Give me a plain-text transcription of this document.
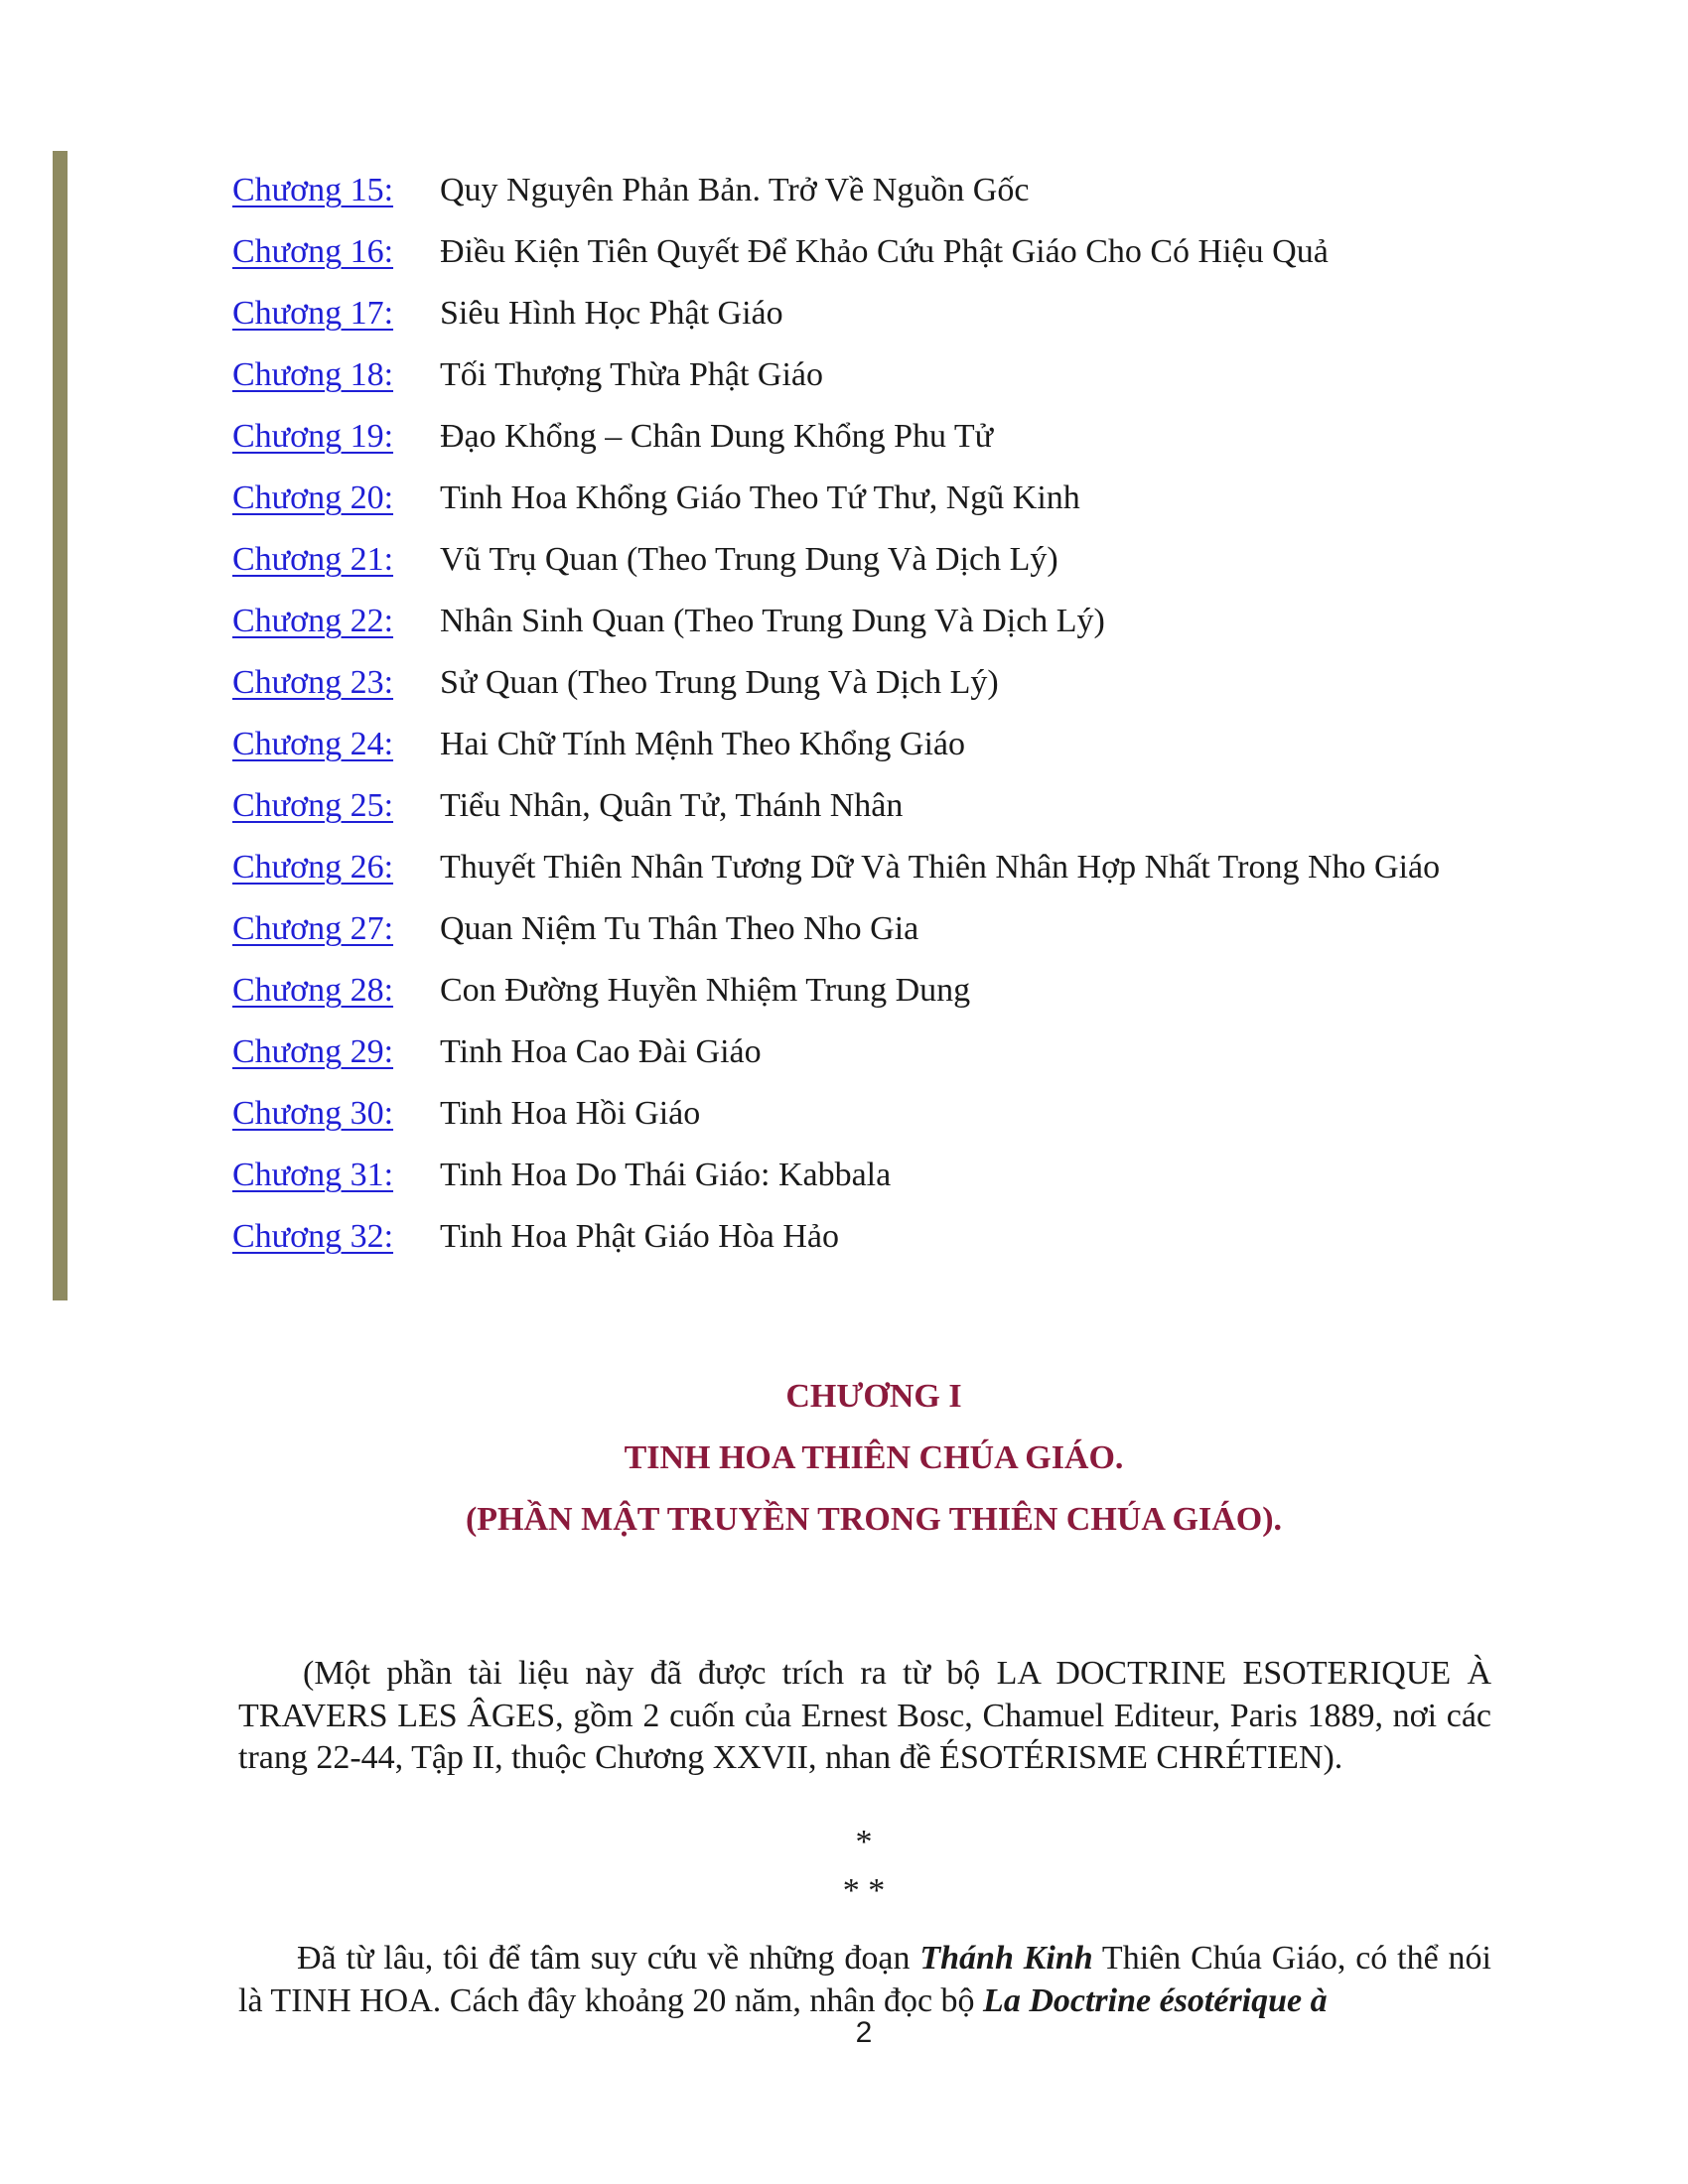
Chương 15: Quy Nguyên Phản Bản. Trở Về Nguồn Gốc
Chương 16: Điều Kiện Tiên Quyết Để Khảo Cứu Phật Giáo Cho Có Hiệu Quả
Chương 17: Siêu Hình Học Phật Giáo
Chương 18: Tối Thượng Thừa Phật Giáo
Chương 19: Đạo Khổng – Chân Dung Khổng Phu Tử
Chương 20: Tinh Hoa Khổng Giáo Theo Tứ Thư, Ngũ Kinh
Chương 21: Vũ Trụ Quan (Theo Trung Dung Và Dịch Lý)
Chương 22: Nhân Sinh Quan (Theo Trung Dung Và Dịch Lý)
Chương 23: Sử Quan (Theo Trung Dung Và Dịch Lý)
Chương 24: Hai Chữ Tính Mệnh Theo Khổng Giáo
Chương 25: Tiểu Nhân, Quân Tử, Thánh Nhân
Chương 26: Thuyết Thiên Nhân Tương Dữ Và Thiên Nhân Hợp Nhất Trong Nho Giáo
Chương 27: Quan Niệm Tu Thân Theo Nho Gia
Chương 28: Con Đường Huyền Nhiệm Trung Dung
Chương 29: Tinh Hoa Cao Đài Giáo
Chương 30: Tinh Hoa Hồi Giáo
Chương 31: Tinh Hoa Do Thái Giáo: Kabbala
Chương 32: Tinh Hoa Phật Giáo Hòa Hảo
CHƯƠNG I
TINH HOA THIÊN CHÚA GIÁO.
(PHẦN MẬT TRUYỀN TRONG THIÊN CHÚA GIÁO).

(Một phần tài liệu này đã được trích ra từ bộ LA DOCTRINE ESOTERIQUE À TRAVERS LES ÂGES, gồm 2 cuốn của Ernest Bosc, Chamuel Editeur, Paris 1889, nơi các trang 22-44, Tập II, thuộc Chương XXVII, nhan đề ÉSOTÉRISME CHRÉTIEN).

*

* *

Đã từ lâu, tôi để tâm suy cứu về những đoạn Thánh Kinh Thiên Chúa Giáo, có thể nói là TINH HOA. Cách đây khoảng 20 năm, nhân đọc bộ La Doctrine ésotérique à

2
